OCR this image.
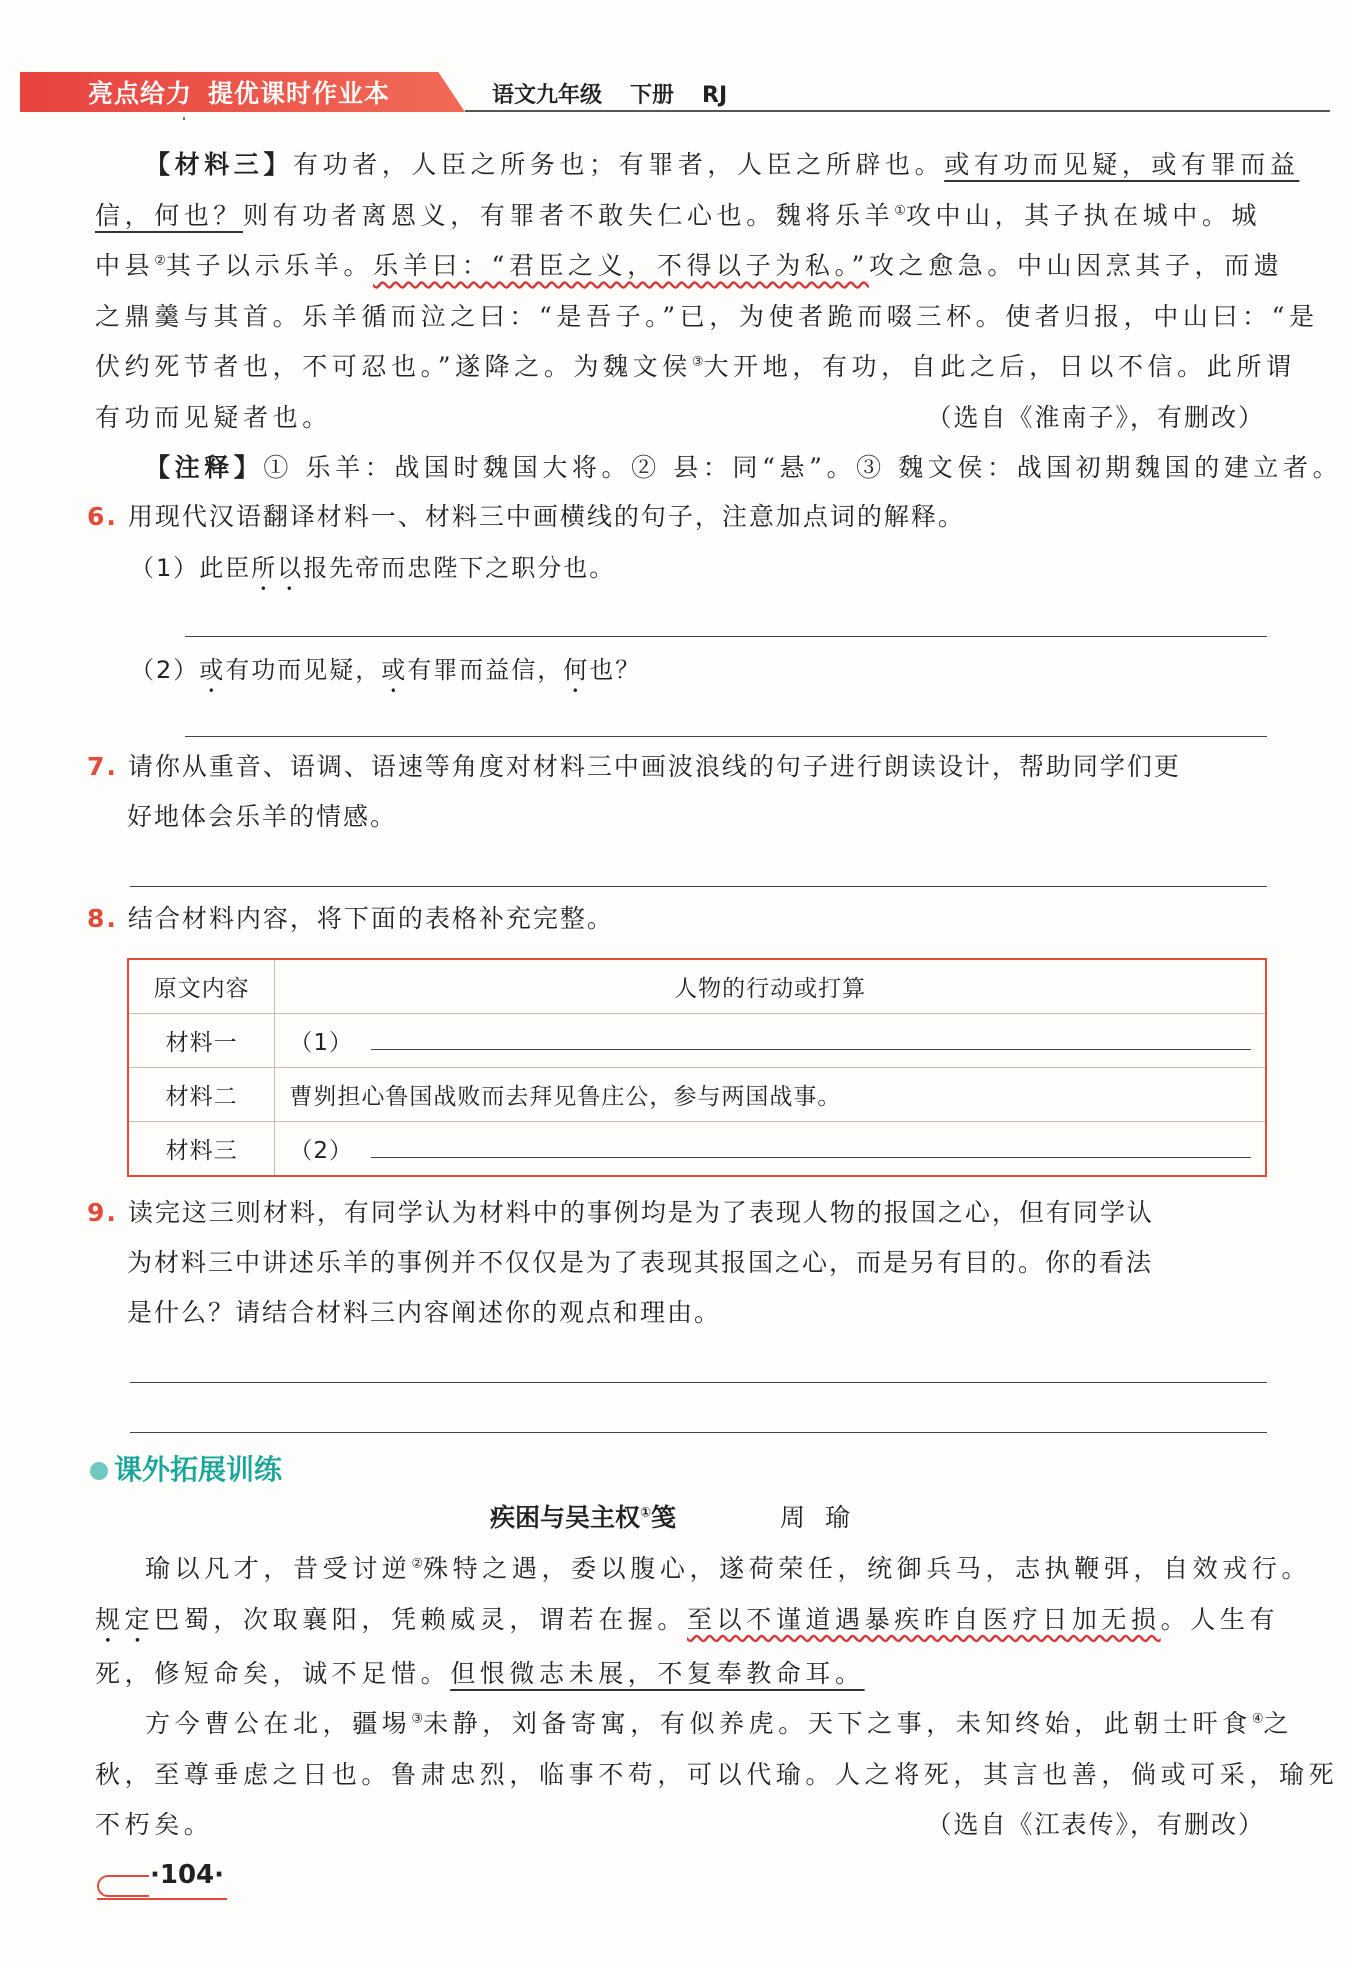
亮点给力 提优课时作业本	语文九年级 下册 RJ
【材料三】有功者，人臣之所务也；有罪者，人臣之所辟也。或有功而见疑，或有罪而益
信，何也？则有功者离恩义，有罪者不敢失仁心也。魏将乐羊①攻中山，其子执在城中。城
中县②其子以示乐羊。乐羊曰：“君臣之义，不得以子为私。”攻之愈急。中山因烹其子，而遗
之鼎羹与其首。乐羊循而泣之曰：“是吾子。”已，为使者跪而啜三杯。使者归报，中山曰：“是
伏约死节者也，不可忍也。”遂降之。为魏文侯③大开地，有功，自此之后，日以不信。此所谓
有功而见疑者也。	（选自《淮南子》，有删改）
【注释】① 乐羊：战国时魏国大将。② 县：同“悬”。③ 魏文侯：战国初期魏国的建立者。
6. 用现代汉语翻译材料一、材料三中画横线的句子，注意加点词的解释。
（1）此臣所以报先帝而忠陛下之职分也。
（2）或有功而见疑，或有罪而益信，何也？
7. 请你从重音、语调、语速等角度对材料三中画波浪线的句子进行朗读设计，帮助同学们更
好地体会乐羊的情感。
8. 结合材料内容，将下面的表格补充完整。
原文内容	人物的行动或打算
材料一	（1）
材料二	曹刿担心鲁国战败而去拜见鲁庄公，参与两国战事。
材料三	（2）
9. 读完这三则材料，有同学认为材料中的事例均是为了表现人物的报国之心，但有同学认
为材料三中讲述乐羊的事例并不仅仅是为了表现其报国之心，而是另有目的。你的看法
是什么？请结合材料三内容阐述你的观点和理由。
课外拓展训练
疾困与吴主权①笺	周瑜
瑜以凡才，昔受讨逆②殊特之遇，委以腹心，遂荷荣任，统御兵马，志执鞭弭，自效戎行。
规定巴蜀，次取襄阳，凭赖威灵，谓若在握。至以不谨道遇暴疾昨自医疗日加无损。人生有
死，修短命矣，诚不足惜。但恨微志未展，不复奉教命耳。
方今曹公在北，疆埸③未静，刘备寄寓，有似养虎。天下之事，未知终始，此朝士旰食④之
秋，至尊垂虑之日也。鲁肃忠烈，临事不苟，可以代瑜。人之将死，其言也善，倘或可采，瑜死
不朽矣。	（选自《江表传》，有删改）
·104·
